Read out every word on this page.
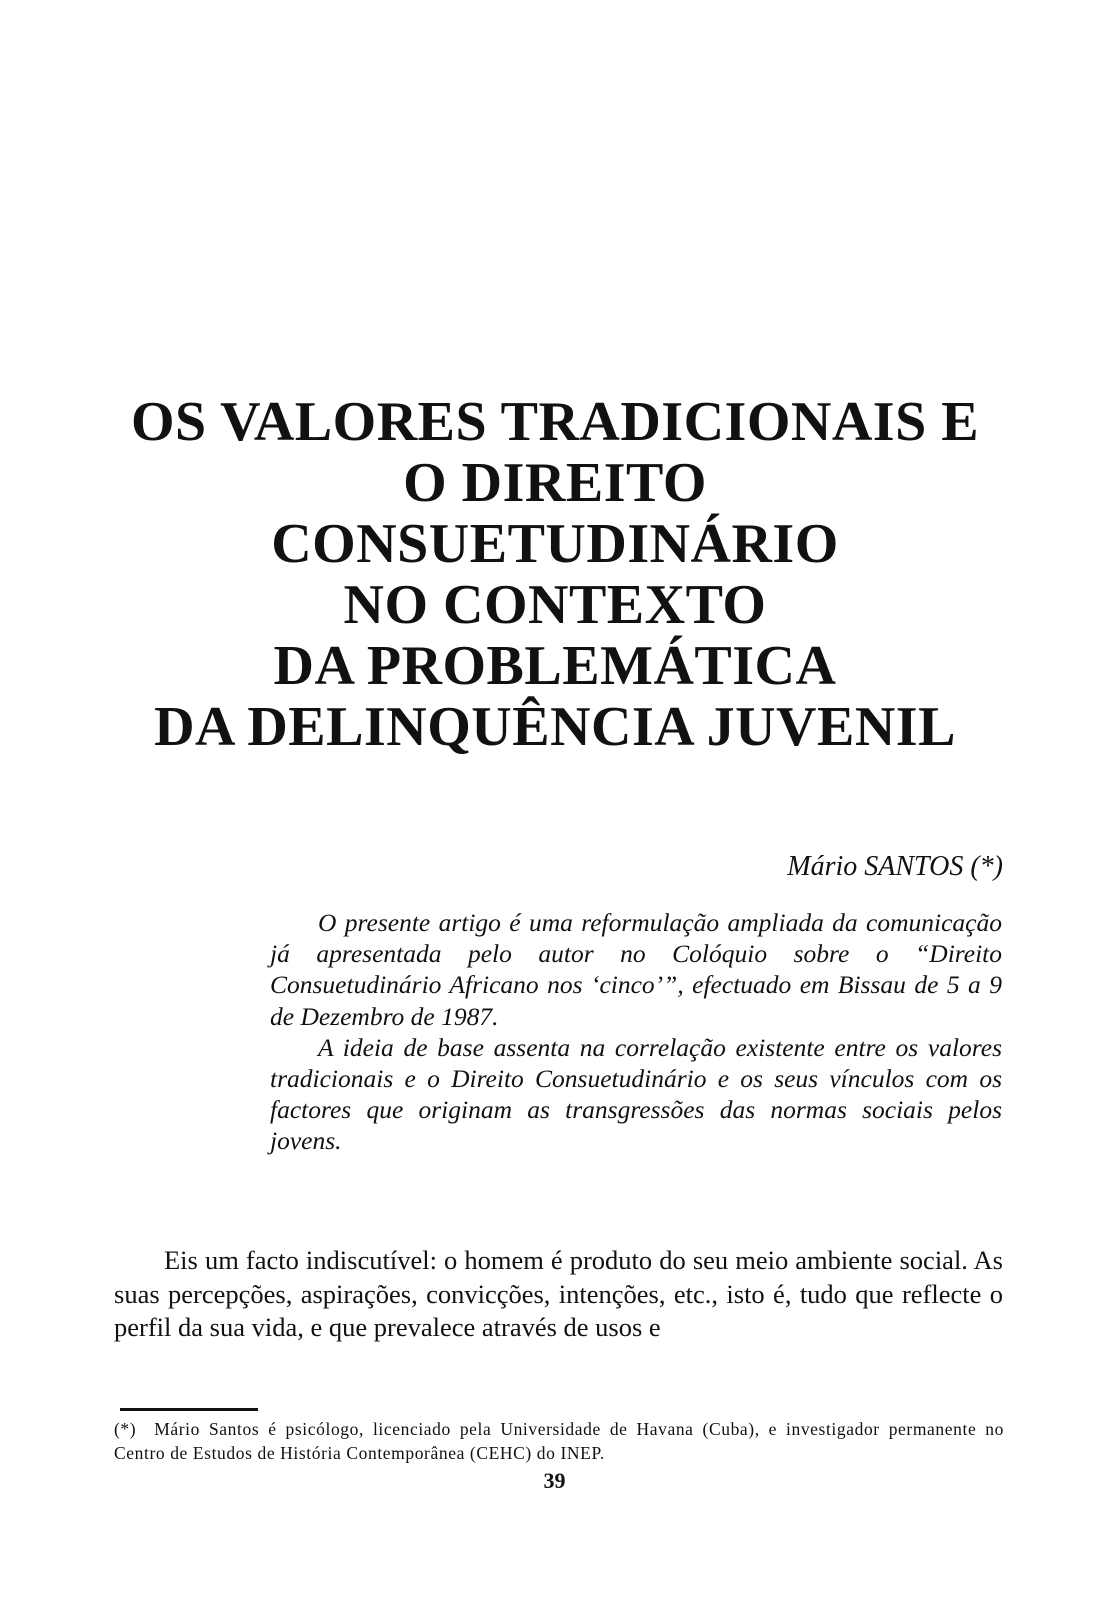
OS VALORES TRADICIONAIS E
O DIREITO
CONSUETUDINÁRIO
NO CONTEXTO
DA PROBLEMÁTICA
DA DELINQUÊNCIA JUVENIL
Mário SANTOS (*)

O presente artigo é uma reformulação ampliada da comunicação já apresentada pelo autor no Colóquio sobre o “Direito Consuetudinário Africano nos ‘cinco’”, efectuado em Bissau de 5 a 9 de Dezembro de 1987.

A ideia de base assenta na correlação existente entre os valores tradicionais e o Direito Consuetudinário e os seus vínculos com os factores que originam as transgressões das normas sociais pelos jovens.

Eis um facto indiscutível: o homem é produto do seu meio ambiente social. As suas percepções, aspirações, convicções, intenções, etc., isto é, tudo que reflecte o perfil da sua vida, e que prevalece através de usos e

(*) Mário Santos é psicólogo, licenciado pela Universidade de Havana (Cuba), e investigador permanente no Centro de Estudos de História Contemporânea (CEHC) do INEP.

39
